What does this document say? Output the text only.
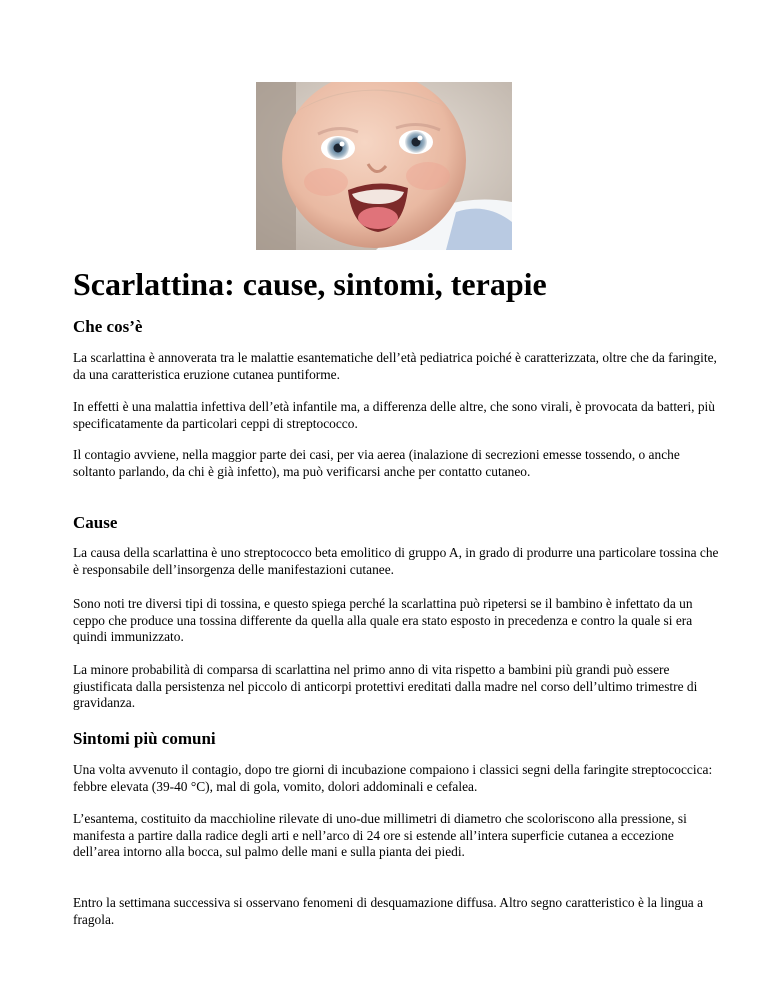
Scarlattina: cause, sintomi, terapie
Che cos’è

La scarlattina è annoverata tra le malattie esantematiche dell’età pediatrica poiché è caratterizzata, oltre che da faringite, da una caratteristica eruzione cutanea puntiforme.

In effetti è una malattia infettiva dell’età infantile ma, a differenza delle altre, che sono virali, è provocata da batteri, più specificatamente da particolari ceppi di streptococco.

Il contagio avviene, nella maggior parte dei casi, per via aerea (inalazione di secrezioni emesse tossendo, o anche soltanto parlando, da chi è già infetto), ma può verificarsi anche per contatto cutaneo.

Cause

La causa della scarlattina è uno streptococco beta emolitico di gruppo A, in grado di produrre una particolare tossina che è responsabile dell’insorgenza delle manifestazioni cutanee.

Sono noti tre diversi tipi di tossina, e questo spiega perché la scarlattina può ripetersi se il bambino è infettato da un ceppo che produce una tossina differente da quella alla quale era stato esposto in precedenza e contro la quale si era quindi immunizzato.

La minore probabilità di comparsa di scarlattina nel primo anno di vita rispetto a bambini più grandi può essere giustificata dalla persistenza nel piccolo di anticorpi protettivi ereditati dalla madre nel corso dell’ultimo trimestre di gravidanza.

Sintomi più comuni

Una volta avvenuto il contagio, dopo tre giorni di incubazione compaiono i classici segni della faringite streptococcica: febbre elevata (39-40 °C), mal di gola, vomito, dolori addominali e cefalea.

L’esantema, costituito da macchioline rilevate di uno-due millimetri di diametro che scoloriscono alla pressione, si manifesta a partire dalla radice degli arti e nell’arco di 24 ore si estende all’intera superficie cutanea a eccezione dell’area intorno alla bocca, sul palmo delle mani e sulla pianta dei piedi.

Entro la settimana successiva si osservano fenomeni di desquamazione diffusa. Altro segno caratteristico è la lingua a fragola.
